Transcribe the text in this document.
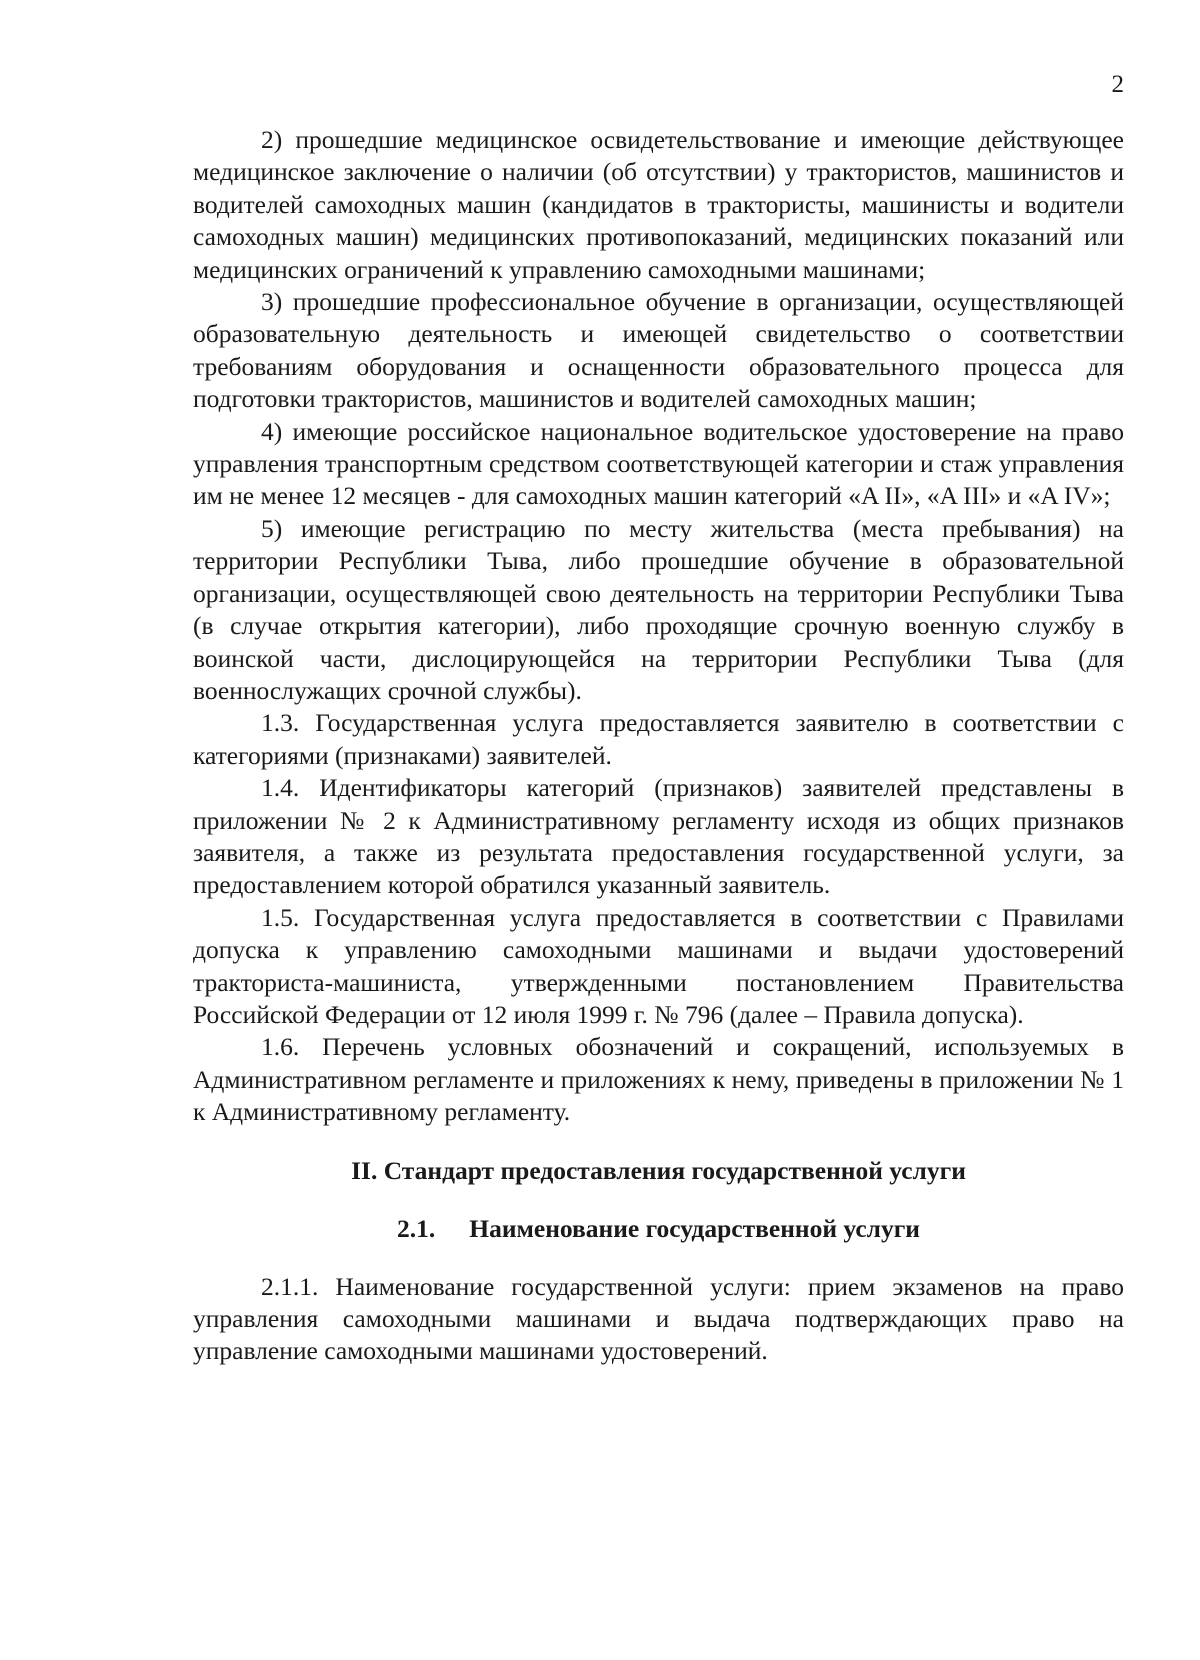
2

2) прошедшие медицинское освидетельствование и имеющие действующее медицинское заключение о наличии (об отсутствии) у трактористов, машинистов и водителей самоходных машин (кандидатов в трактористы, машинисты и водители самоходных машин) медицинских противопоказаний, медицинских показаний или медицинских ограничений к управлению самоходными машинами;

3) прошедшие профессиональное обучение в организации, осуществляющей образовательную деятельность и имеющей свидетельство о соответствии требованиям оборудования и оснащенности образовательного процесса для подготовки трактористов, машинистов и водителей самоходных машин;

4) имеющие российское национальное водительское удостоверение на право управления транспортным средством соответствующей категории и стаж управления им не менее 12 месяцев - для самоходных машин категорий «A II», «A III» и «A IV»;

5) имеющие регистрацию по месту жительства (места пребывания) на территории Республики Тыва, либо прошедшие обучение в образовательной организации, осуществляющей свою деятельность на территории Республики Тыва (в случае открытия категории), либо проходящие срочную военную службу в воинской части, дислоцирующейся на территории Республики Тыва (для военнослужащих срочной службы).

1.3. Государственная услуга предоставляется заявителю в соответствии с категориями (признаками) заявителей.

1.4. Идентификаторы категорий (признаков) заявителей представлены в приложении № 2 к Административному регламенту исходя из общих признаков заявителя, а также из результата предоставления государственной услуги, за предоставлением которой обратился указанный заявитель.

1.5. Государственная услуга предоставляется в соответствии с Правилами допуска к управлению самоходными машинами и выдачи удостоверений тракториста-машиниста, утвержденными постановлением Правительства Российской Федерации от 12 июля 1999 г. № 796 (далее – Правила допуска).

1.6. Перечень условных обозначений и сокращений, используемых в Административном регламенте и приложениях к нему, приведены в приложении № 1 к Административному регламенту.

II. Стандарт предоставления государственной услуги
2.1. Наименование государственной услуги

2.1.1. Наименование государственной услуги: прием экзаменов на право управления самоходными машинами и выдача подтверждающих право на управление самоходными машинами удостоверений.
